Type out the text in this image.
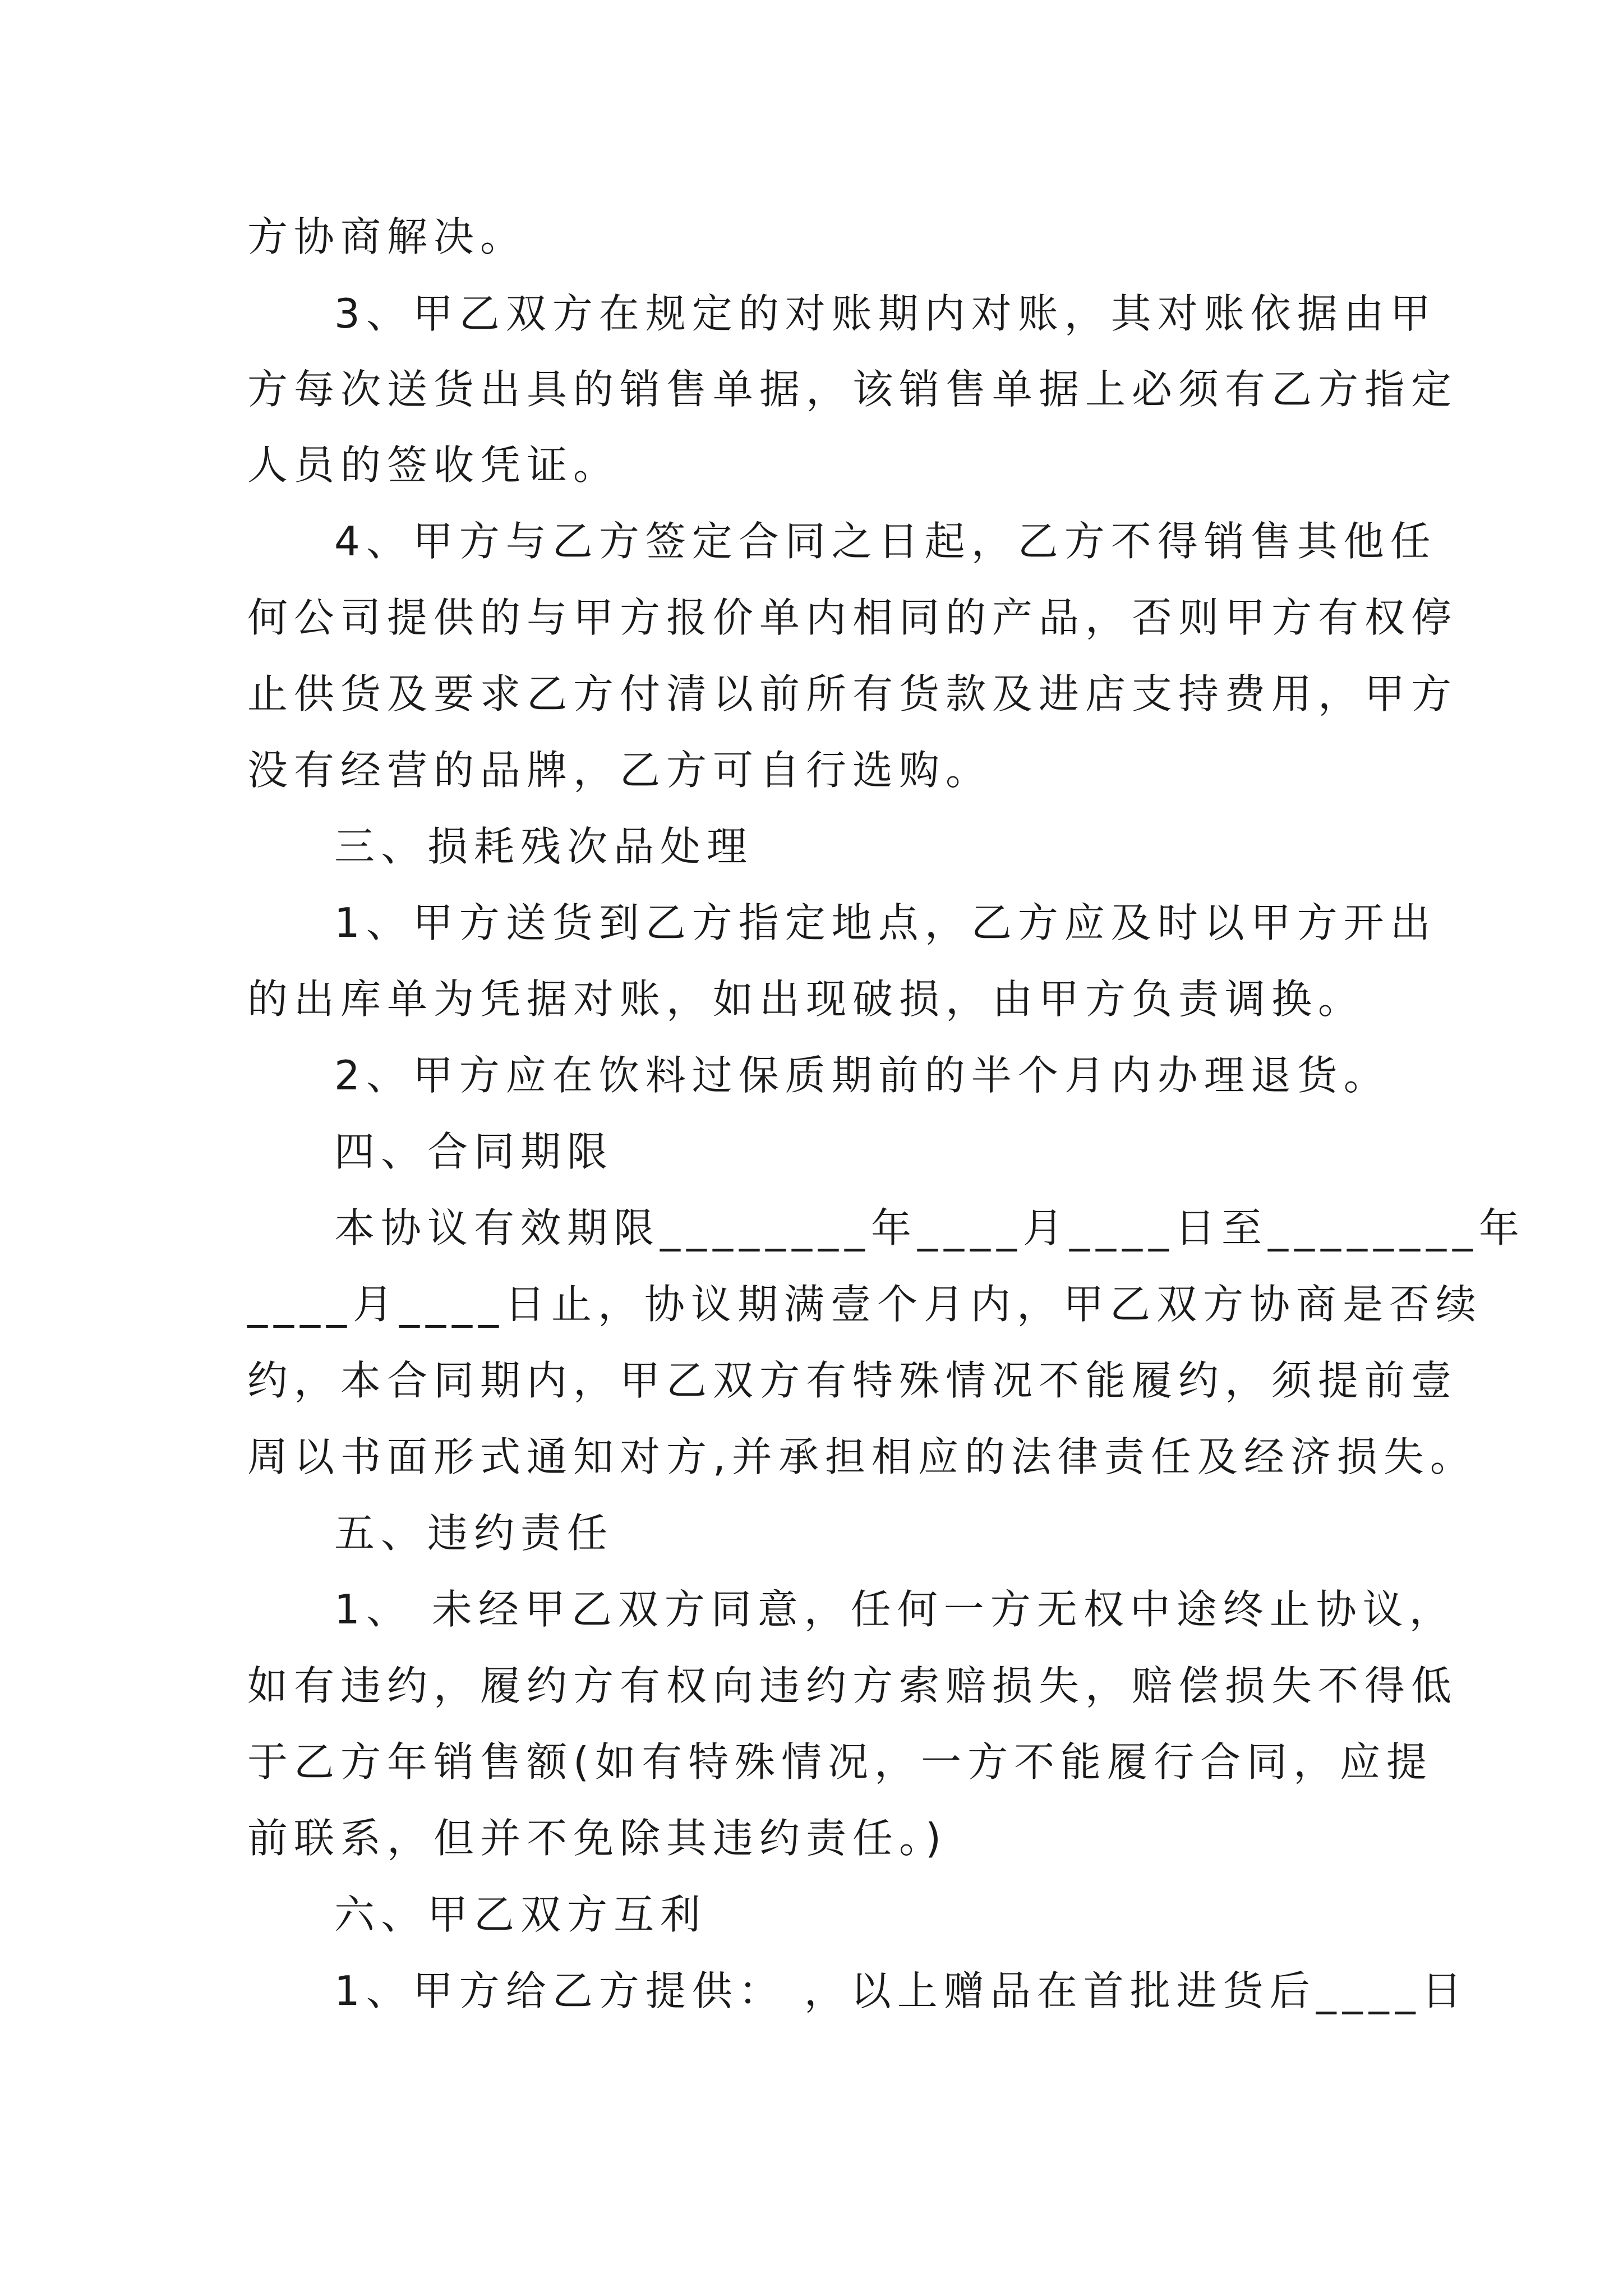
方协商解决。
3、甲乙双方在规定的对账期内对账，其对账依据由甲
方每次送货出具的销售单据，该销售单据上必须有乙方指定
人员的签收凭证。
4、甲方与乙方签定合同之日起，乙方不得销售其他任
何公司提供的与甲方报价单内相同的产品，否则甲方有权停
止供货及要求乙方付清以前所有货款及进店支持费用，甲方
没有经营的品牌，乙方可自行选购。
三、损耗残次品处理
1、甲方送货到乙方指定地点，乙方应及时以甲方开出
的出库单为凭据对账，如出现破损，由甲方负责调换。
2、甲方应在饮料过保质期前的半个月内办理退货。
四、合同期限
本协议有效期限________年____月____日至________年
____月____日止，协议期满壹个月内，甲乙双方协商是否续
约，本合同期内，甲乙双方有特殊情况不能履约，须提前壹
周以书面形式通知对方,并承担相应的法律责任及经济损失。
五、违约责任
1、 未经甲乙双方同意，任何一方无权中途终止协议，
如有违约，履约方有权向违约方索赔损失，赔偿损失不得低
于乙方年销售额(如有特殊情况，一方不能履行合同，应提
前联系，但并不免除其违约责任。)
六、甲乙双方互利
1、甲方给乙方提供： ，以上赠品在首批进货后____日
